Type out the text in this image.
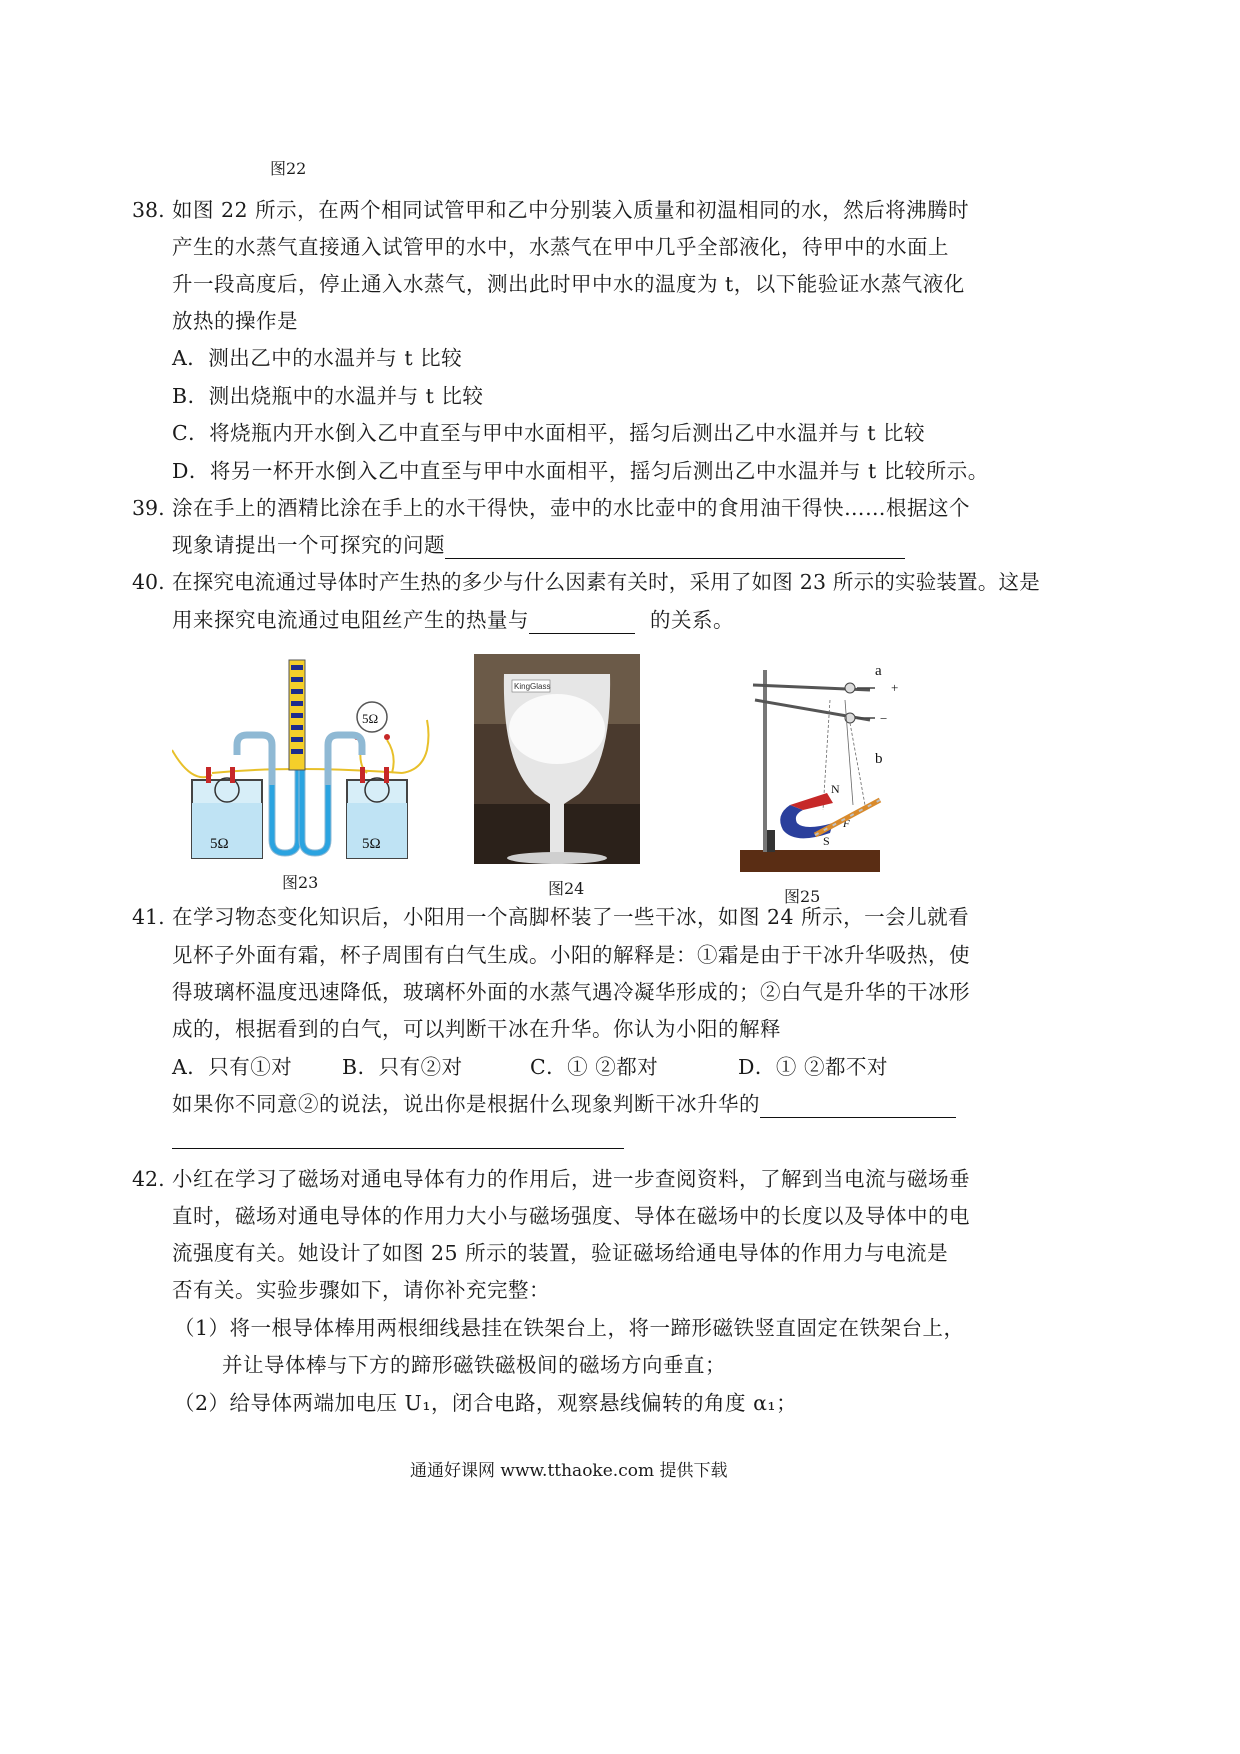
图22
38. 如图 22 所示，在两个相同试管甲和乙中分别装入质量和初温相同的水，然后将沸腾时
产生的水蒸气直接通入试管甲的水中，水蒸气在甲中几乎全部液化，待甲中的水面上
升一段高度后，停止通入水蒸气，测出此时甲中水的温度为 t，以下能验证水蒸气液化
放热的操作是
A．测出乙中的水温并与 t 比较
B．测出烧瓶中的水温并与 t 比较
C．将烧瓶内开水倒入乙中直至与甲中水面相平，摇匀后测出乙中水温并与 t 比较
D．将另一杯开水倒入乙中直至与甲中水面相平，摇匀后测出乙中水温并与 t 比较所示。
39. 涂在手上的酒精比涂在手上的水干得快，壶中的水比壶中的食用油干得快……根据这个
现象请提出一个可探究的问题
40. 在探究电流通过导体时产生热的多少与什么因素有关时，采用了如图 23 所示的实验装置。这是
用来探究电流通过电阻丝产生的热量与	的关系。
5Ω	5Ω
5Ω
图23
KingGlass
图24
a
+
−
b
N
S
F
图25
41. 在学习物态变化知识后，小阳用一个高脚杯装了一些干冰，如图 24 所示，一会儿就看
见杯子外面有霜，杯子周围有白气生成。小阳的解释是：①霜是由于干冰升华吸热，使
得玻璃杯温度迅速降低，玻璃杯外面的水蒸气遇冷凝华形成的；②白气是升华的干冰形
成的，根据看到的白气，可以判断干冰在升华。你认为小阳的解释
A．只有①对 B．只有②对	C．① ②都对	D．① ②都不对
如果你不同意②的说法，说出你是根据什么现象判断干冰升华的
42. 小红在学习了磁场对通电导体有力的作用后，进一步查阅资料，了解到当电流与磁场垂
直时，磁场对通电导体的作用力大小与磁场强度、导体在磁场中的长度以及导体中的电
流强度有关。她设计了如图 25 所示的装置，验证磁场给通电导体的作用力与电流是
否有关。实验步骤如下，请你补充完整：
（1）将一根导体棒用两根细线悬挂在铁架台上，将一蹄形磁铁竖直固定在铁架台上，
并让导体棒与下方的蹄形磁铁磁极间的磁场方向垂直；
（2）给导体两端加电压 U₁，闭合电路，观察悬线偏转的角度 α₁；
通通好课网 www.tthaoke.com 提供下载
